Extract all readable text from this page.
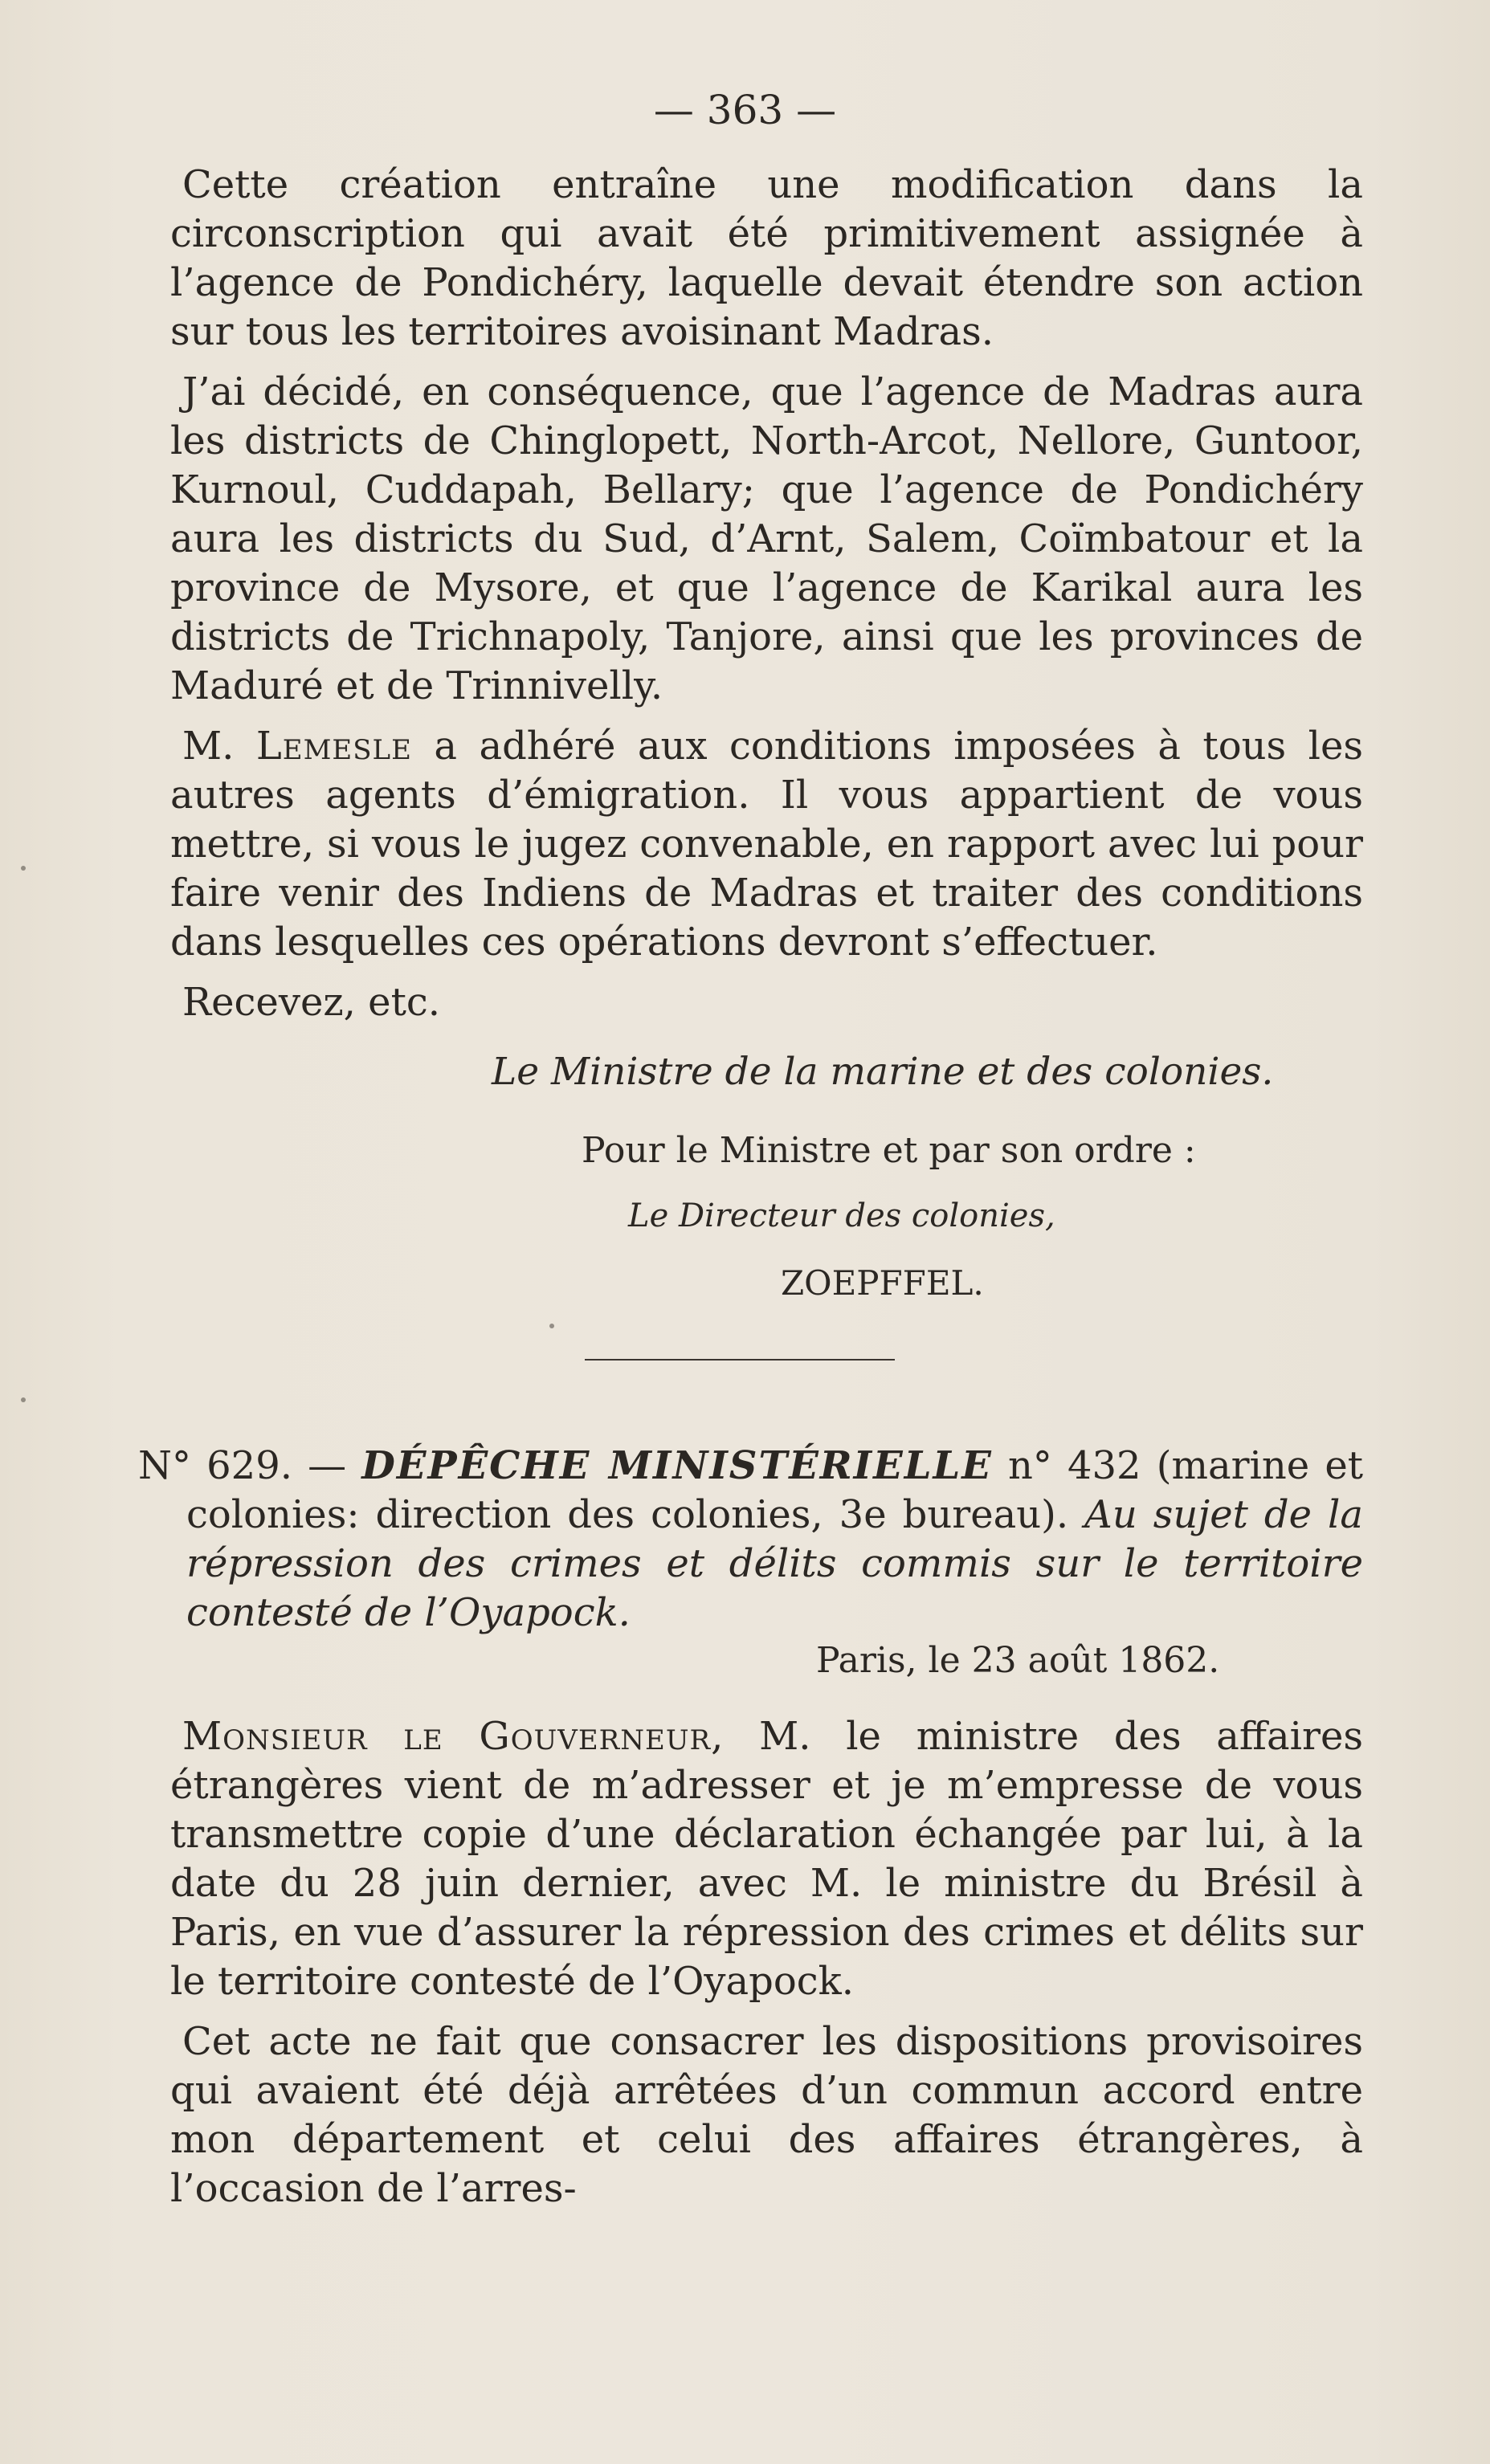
— 363 —

Cette création entraîne une modification dans la circonscription qui avait été primitivement assignée à l’agence de Pondichéry, laquelle devait étendre son action sur tous les territoires avoisinant Madras.

J’ai décidé, en conséquence, que l’agence de Madras aura les districts de Chinglopett, North-Arcot, Nellore, Guntoor, Kurnoul, Cuddapah, Bellary; que l’agence de Pondichéry aura les districts du Sud, d’Arnt, Salem, Coïmbatour et la province de Mysore, et que l’agence de Karikal aura les districts de Trichnapoly, Tanjore, ainsi que les provinces de Maduré et de Trinnivelly.

M. Lemesle a adhéré aux conditions imposées à tous les autres agents d’émigration. Il vous appartient de vous mettre, si vous le jugez convenable, en rapport avec lui pour faire venir des Indiens de Madras et traiter des conditions dans lesquelles ces opérations devront s’effectuer.

Recevez, etc.

Le Ministre de la marine et des colonies.
Pour le Ministre et par son ordre :
Le Directeur des colonies,
ZOEPFFEL.

N° 629. — DÉPÊCHE MINISTÉRIELLE n° 432 (marine et colonies: direction des colonies, 3e bureau). Au sujet de la répression des crimes et délits commis sur le territoire contesté de l’Oyapock.

Paris, le 23 août 1862.

Monsieur le Gouverneur, M. le ministre des affaires étrangères vient de m’adresser et je m’empresse de vous transmettre copie d’une déclaration échangée par lui, à la date du 28 juin dernier, avec M. le ministre du Brésil à Paris, en vue d’assurer la répression des crimes et délits sur le territoire contesté de l’Oyapock.

Cet acte ne fait que consacrer les dispositions provisoires qui avaient été déjà arrêtées d’un commun accord entre mon département et celui des affaires étrangères, à l’occasion de l’arres-
